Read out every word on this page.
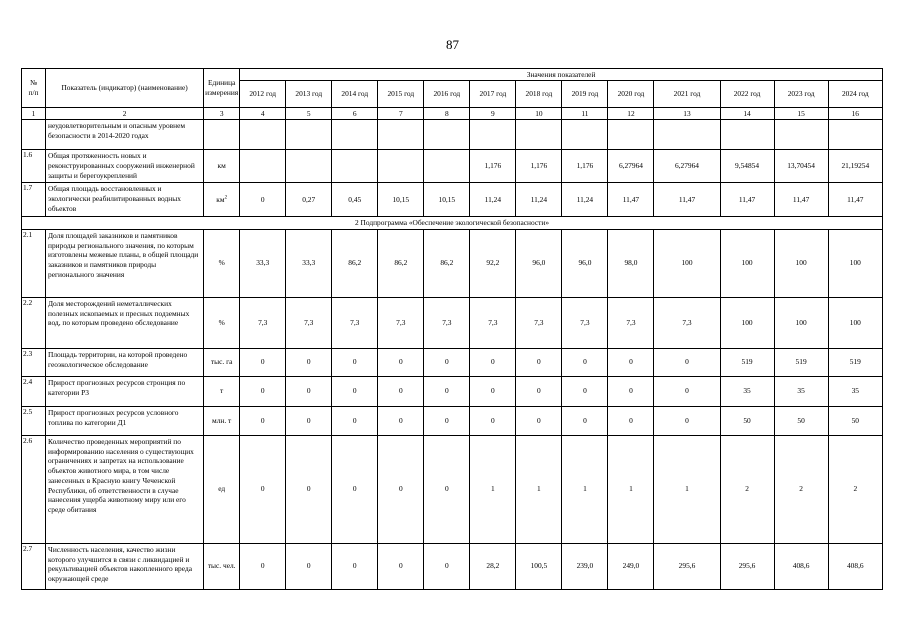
87
№
п/п	Показатель (индикатор) (наименование)	Единица измерения	Значения показателей												
			2012 год	2013 год	2014 год	2015 год	2016 год	2017 год	2018 год	2019 год	2020 год	2021 год	2022 год	2023 год	2024 год
1	2	3	4	5	6	7	8	9	10	11	12	13	14	15	16
	неудовлетворительным и опасным уровнем безопасности в 2014-2020 годах														
1.6	Общая протяженность новых и реконструированных сооружений инженерной защиты и берегоукреплений	км						1,176	1,176	1,176	6,27964	6,27964	9,54854	13,70454	21,19254
1.7	Общая площадь восстановленных и экологически реабилитированных водных объектов	$км^2$	0	0,27	0,45	10,15	10,15	11,24	11,24	11,24	11,47	11,47	11,47	11,47	11,47
2 Подпрограмма «Обеспечение экологической безопасности»															
2.1	Доля площадей заказников и памятников природы регионального значения, по которым изготовлены межевые планы, в общей площади заказников и памятников природы регионального значения	%	33,3	33,3	86,2	86,2	86,2	92,2	96,0	96,0	98,0	100	100	100	100
2.2	Доля месторождений неметаллических полезных ископаемых и пресных подземных вод, по которым проведено обследование	%	7,3	7,3	7,3	7,3	7,3	7,3	7,3	7,3	7,3	7,3	100	100	100
2.3	Площадь территории, на которой проведено геоэкологическое обследование	тыс. га	0	0	0	0	0	0	0	0	0	0	519	519	519
2.4	Прирост прогнозных ресурсов стронция по категории Р3	т	0	0	0	0	0	0	0	0	0	0	35	35	35
2.5	Прирост прогнозных ресурсов условного топлива по категории Д1	млн. т	0	0	0	0	0	0	0	0	0	0	50	50	50
2.6	Количество проведенных мероприятий по информированию населения о существующих ограничениях и запретах на использование объектов животного мира, в том числе занесенных в Красную книгу Чеченской Республики, об ответственности в случае нанесения ущерба животному миру или его среде обитания	ед	0	0	0	0	0	1	1	1	1	1	2	2	2
2.7	Численность населения, качество жизни которого улучшится в связи с ликвидацией и рекультивацией объектов накопленного вреда окружающей среде	тыс. чел.	0	0	0	0	0	28,2	100,5	239,0	249,0	295,6	295,6	408,6	408,6
